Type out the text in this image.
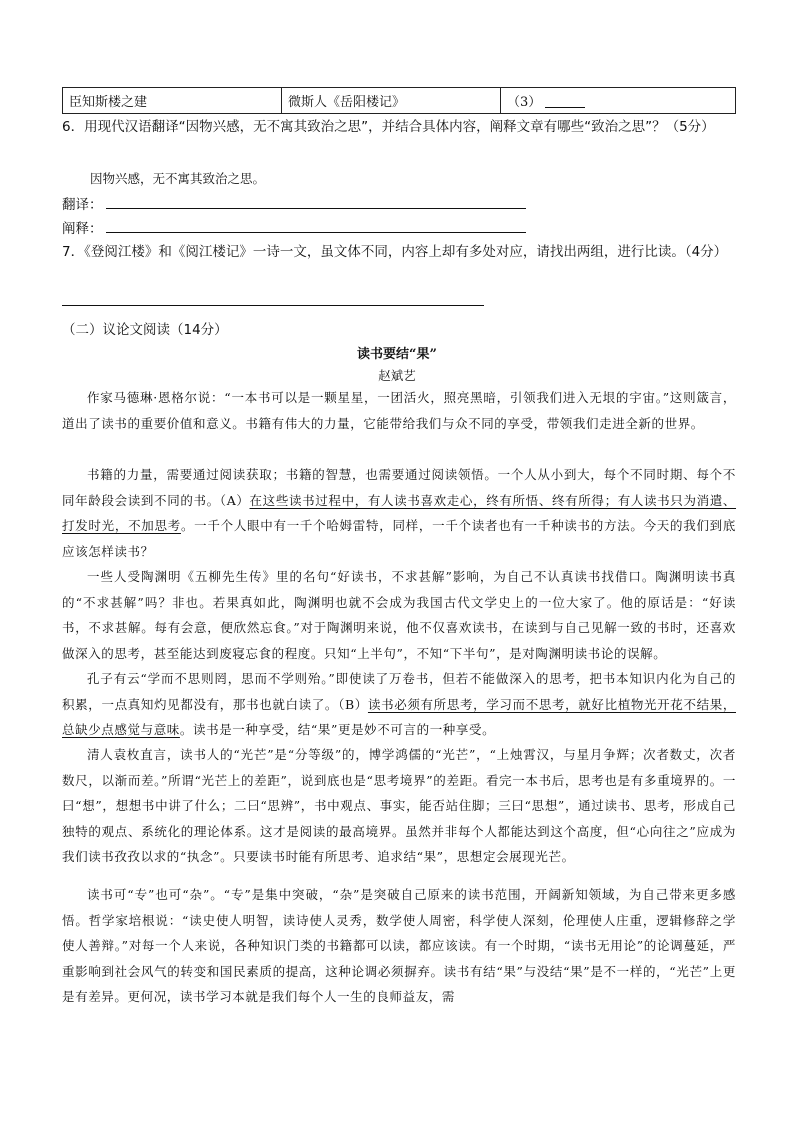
臣知斯楼之建	微斯人《岳阳楼记》	（3）
6．用现代汉语翻译“因物兴感，无不寓其致治之思”，并结合具体内容，阐释文章有哪些“致治之思”？（5分）
因物兴感，无不寓其致治之思。
翻译：
阐释：
7．《登阅江楼》和《阅江楼记》一诗一文，虽文体不同，内容上却有多处对应，请找出两组，进行比读。（4分）
（二）议论文阅读（14分）
读书要结“果”
赵斌艺
作家马德琳·恩格尔说：“一本书可以是一颗星星，一团活火，照亮黑暗，引领我们进入无垠的宇宙。”这则箴言，道出了读书的重要价值和意义。书籍有伟大的力量，它能带给我们与众不同的享受，带领我们走进全新的世界。
书籍的力量，需要通过阅读获取；书籍的智慧，也需要通过阅读领悟。一个人从小到大，每个不同时期、每个不同年龄段会读到不同的书。（A）在这些读书过程中，有人读书喜欢走心，终有所悟、终有所得；有人读书只为消遣、打发时光，不加思考。一千个人眼中有一千个哈姆雷特，同样，一千个读者也有一千种读书的方法。今天的我们到底应该怎样读书？
一些人受陶渊明《五柳先生传》里的名句“好读书，不求甚解”影响，为自己不认真读书找借口。陶渊明读书真的“不求甚解”吗？非也。若果真如此，陶渊明也就不会成为我国古代文学史上的一位大家了。他的原话是：“好读书，不求甚解。每有会意，便欣然忘食。”对于陶渊明来说，他不仅喜欢读书，在读到与自己见解一致的书时，还喜欢做深入的思考，甚至能达到废寝忘食的程度。只知“上半句”，不知“下半句”，是对陶渊明读书论的误解。
孔子有云“学而不思则罔，思而不学则殆。”即使读了万卷书，但若不能做深入的思考，把书本知识内化为自己的积累，一点真知灼见都没有，那书也就白读了。（B）读书必须有所思考，学习而不思考，就好比植物光开花不结果，总缺少点感觉与意味。读书是一种享受，结“果”更是妙不可言的一种享受。
清人袁枚直言，读书人的“光芒”是“分等级”的，博学鸿儒的“光芒”，“上烛霄汉，与星月争辉；次者数丈，次者数尺，以渐而差。”所谓“光芒上的差距”，说到底也是“思考境界”的差距。看完一本书后，思考也是有多重境界的。一曰“想”，想想书中讲了什么；二曰“思辨”，书中观点、事实，能否站住脚；三曰“思想”，通过读书、思考，形成自己独特的观点、系统化的理论体系。这才是阅读的最高境界。虽然并非每个人都能达到这个高度，但“心向往之”应成为我们读书孜孜以求的“执念”。只要读书时能有所思考、追求结“果”，思想定会展现光芒。
读书可“专”也可“杂”。“专”是集中突破，“杂”是突破自己原来的读书范围，开阔新知领域，为自己带来更多感悟。哲学家培根说：“读史使人明智，读诗使人灵秀，数学使人周密，科学使人深刻，伦理使人庄重，逻辑修辞之学使人善辩。”对每一个人来说，各种知识门类的书籍都可以读，都应该读。有一个时期，“读书无用论”的论调蔓延，严重影响到社会风气的转变和国民素质的提高，这种论调必须摒弃。读书有结“果”与没结“果”是不一样的，“光芒”上更是有差异。更何况，读书学习本就是我们每个人一生的良师益友，需
